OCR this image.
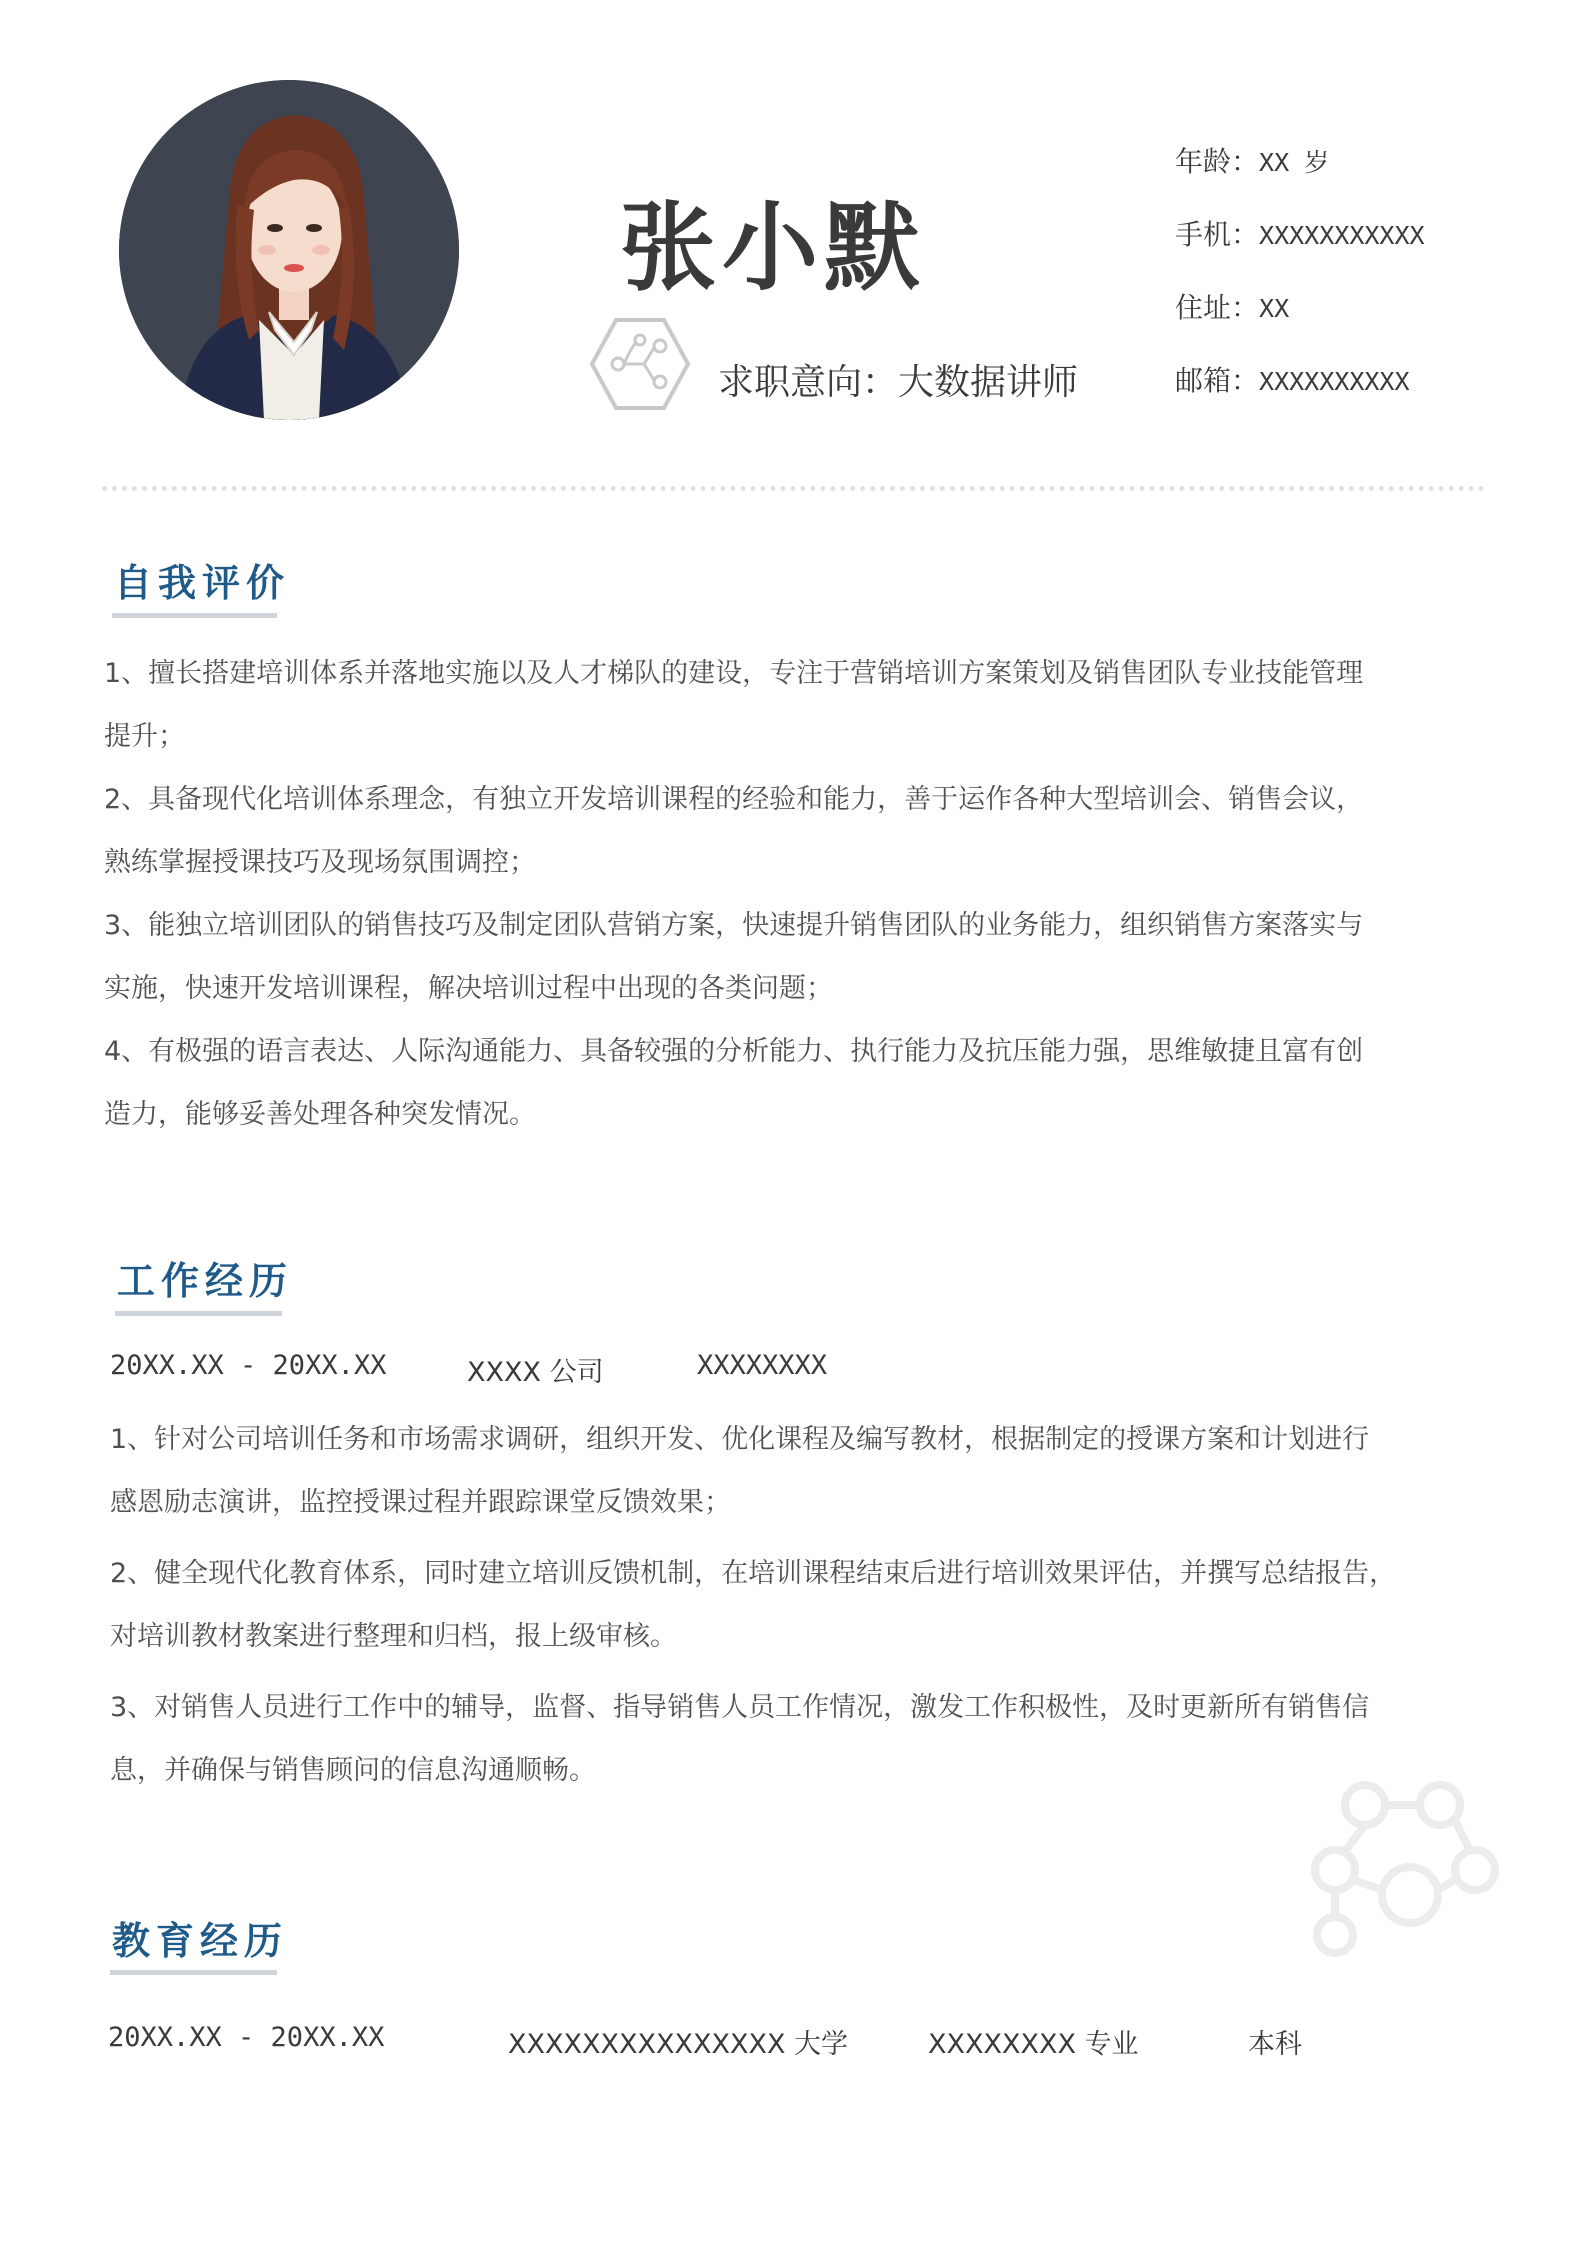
张小默
求职意向：大数据讲师
年龄：XX 岁
手机：XXXXXXXXXXX
住址：XX
邮箱：XXXXXXXXXX
自我评价
1、擅长搭建培训体系并落地实施以及人才梯队的建设，专注于营销培训方案策划及销售团队专业技能管理
提升；
2、具备现代化培训体系理念，有独立开发培训课程的经验和能力，善于运作各种大型培训会、销售会议，
熟练掌握授课技巧及现场氛围调控；
3、能独立培训团队的销售技巧及制定团队营销方案，快速提升销售团队的业务能力，组织销售方案落实与
实施，快速开发培训课程，解决培训过程中出现的各类问题；
4、有极强的语言表达、人际沟通能力、具备较强的分析能力、执行能力及抗压能力强，思维敏捷且富有创
造力，能够妥善处理各种突发情况。
工作经历
20XX.XX - 20XX.XX	XXXX 公司	XXXXXXXX
1、针对公司培训任务和市场需求调研，组织开发、优化课程及编写教材，根据制定的授课方案和计划进行
感恩励志演讲，监控授课过程并跟踪课堂反馈效果；
2、健全现代化教育体系，同时建立培训反馈机制，在培训课程结束后进行培训效果评估，并撰写总结报告，
对培训教材教案进行整理和归档，报上级审核。
3、对销售人员进行工作中的辅导，监督、指导销售人员工作情况，激发工作积极性，及时更新所有销售信
息，并确保与销售顾问的信息沟通顺畅。
教育经历
20XX.XX - 20XX.XX	XXXXXXXXXXXXXXX 大学	XXXXXXXX 专业	本科
